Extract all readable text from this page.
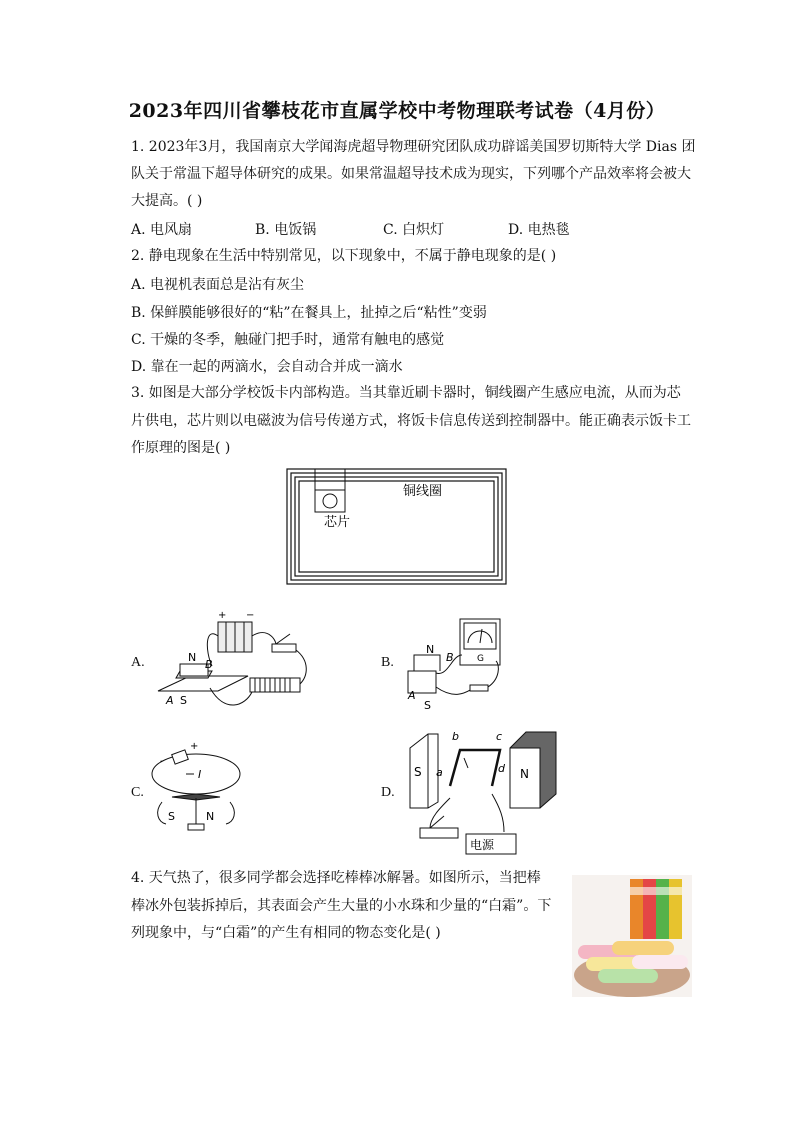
2023年四川省攀枝花市直属学校中考物理联考试卷（4月份）
1. 2023年3月，我国南京大学闻海虎超导物理研究团队成功辟谣美国罗切斯特大学 Dias 团
队关于常温下超导体研究的成果。如果常温超导技术成为现实，下列哪个产品效率将会被大
大提高。( )
A. 电风扇	B. 电饭锅	C. 白炽灯	D. 电热毯
2. 静电现象在生活中特别常见，以下现象中，不属于静电现象的是( )
A. 电视机表面总是沾有灰尘
B. 保鲜膜能够很好的“粘”在餐具上，扯掉之后“粘性”变弱
C. 干燥的冬季，触碰门把手时，通常有触电的感觉
D. 靠在一起的两滴水，会自动合并成一滴水
3. 如图是大部分学校饭卡内部构造。当其靠近刷卡器时，铜线圈产生感应电流，从而为芯
片供电，芯片则以电磁波为信号传递方式，将饭卡信息传送到控制器中。能正确表示饭卡工
作原理的图是( )
铜线圈
芯片
A.
+ −
N
B
A S
B.	G
N
B
A
S
C.
-
+
I
S	N
D.
S	N
b	c
a	d
电源
4. 天气热了，很多同学都会选择吃棒棒冰解暑。如图所示，当把棒
棒冰外包装拆掉后，其表面会产生大量的小水珠和少量的“白霜”。下
列现象中，与“白霜”的产生有相同的物态变化是( )
